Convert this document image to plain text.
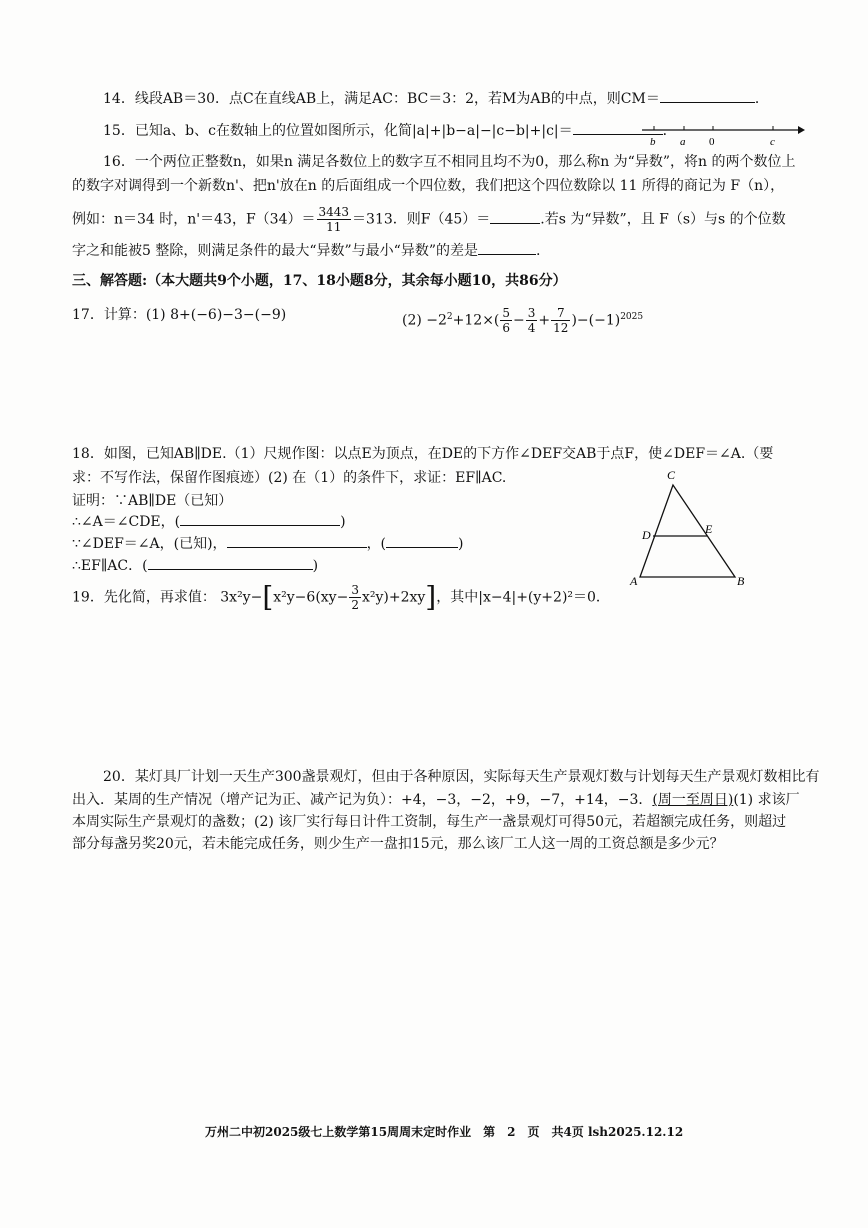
14．线段AB＝30．点C在直线AB上，满足AC：BC＝3：2，若M为AB的中点，则CM＝	．
15．已知a、b、c在数轴上的位置如图所示，化简|a|+|b−a|−|c−b|+|c|＝	．
b a 0	c
16．一个两位正整数n，如果n 满足各数位上的数字互不相同且均不为0，那么称n 为“异数”，将n 的两个数位上
的数字对调得到一个新数n'、把n'放在n 的后面组成一个四位数，我们把这个四位数除以 11 所得的商记为 F（n），
例如：n＝34 时，n'＝43，$F(34)= \frac{3443}{11} =313$．则F（45）＝	.若s 为“异数”，且 F（s）与s 的个位数
字之和能被5 整除，则满足条件的最大“异数”与最小“异数”的差是	.
三、解答题:（本大题共9个小题，17、18小题8分，其余每小题10，共86分）
17．计算：(1) 8+(−6)−3−(−9)	$(2) -2^2+12\times( \frac{5}{6} - \frac{3}{4} + \frac{7}{12} )-(-1)^{2025}$
18．如图，已知AB∥DE.（1）尺规作图：以点E为顶点，在DE的下方作∠DEF交AB于点F，使∠DEF＝∠A.（要
求：不写作法，保留作图痕迹）(2) 在（1）的条件下，求证：EF∥AC.
证明：∵AB∥DE（已知）
∴∠A＝∠CDE，(	)
∵∠DEF＝∠A，(已知)，	，(	)
∴EF∥AC．(	)
C
D	E
A	B
19．先化简，再求值： $3x^2y-[x^2y-6(xy- \frac{3}{2} x^2y)+2xy]$，其中|x−4|+(y+2)²＝0．
20．某灯具厂计划一天生产300盏景观灯，但由于各种原因，实际每天生产景观灯数与计划每天生产景观灯数相比有
出入．某周的生产情况（增产记为正、减产记为负）：+4，−3，−2，+9，−7，+14，−3．(周一至周日)(1) 求该厂
本周实际生产景观灯的盏数；(2) 该厂实行每日计件工资制，每生产一盏景观灯可得50元，若超额完成任务，则超过
部分每盏另奖20元，若未能完成任务，则少生产一盘扣15元，那么该厂工人这一周的工资总额是多少元？
万州二中初2025级七上数学第15周周末定时作业　第　2　页　共4页 lsh2025.12.12
